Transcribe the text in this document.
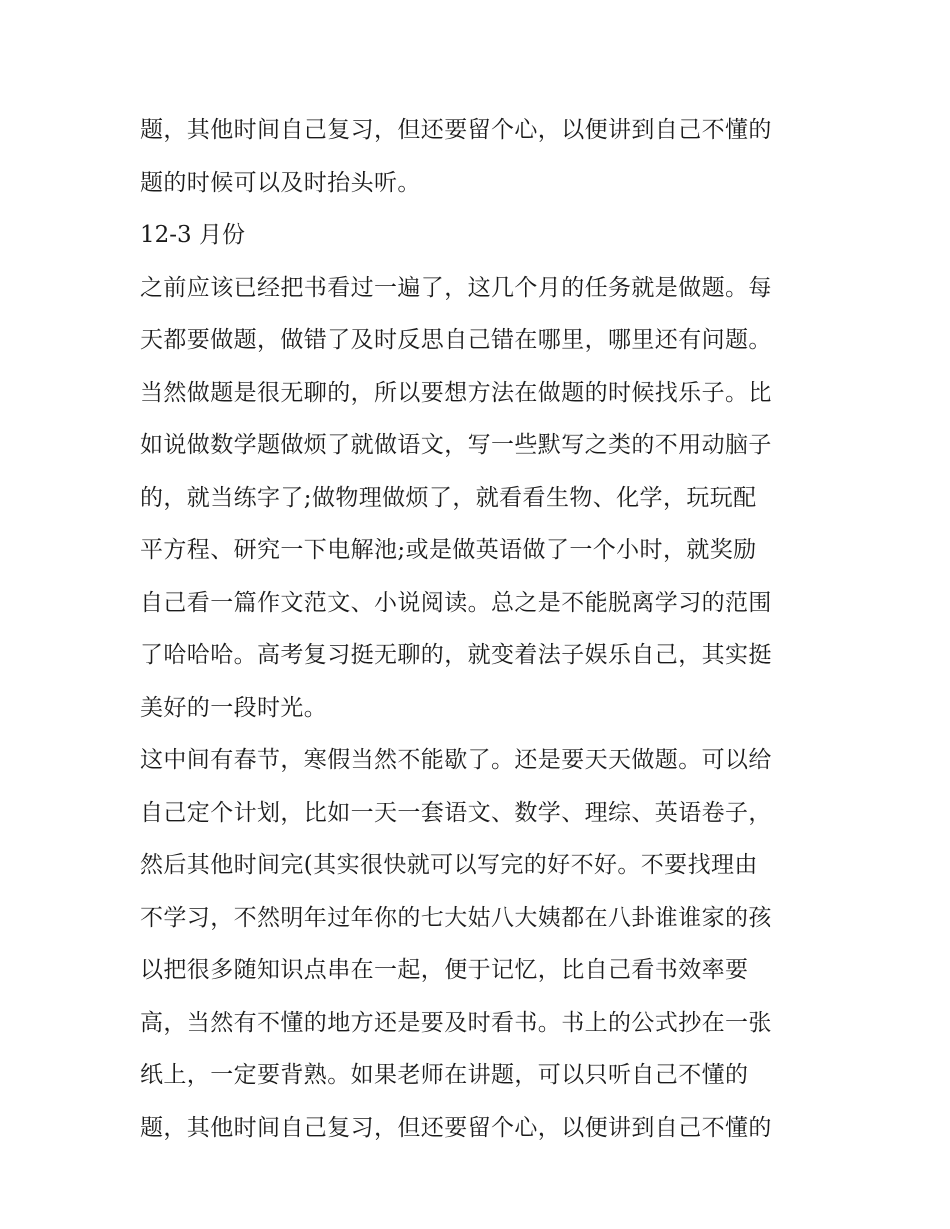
题，其他时间自己复习，但还要留个心，以便讲到自己不懂的
题的时候可以及时抬头听。
12-3 月份
之前应该已经把书看过一遍了，这几个月的任务就是做题。每
天都要做题，做错了及时反思自己错在哪里，哪里还有问题。
当然做题是很无聊的，所以要想方法在做题的时候找乐子。比
如说做数学题做烦了就做语文，写一些默写之类的不用动脑子
的，就当练字了;做物理做烦了，就看看生物、化学，玩玩配
平方程、研究一下电解池;或是做英语做了一个小时，就奖励
自己看一篇作文范文、小说阅读。总之是不能脱离学习的范围
了哈哈哈。高考复习挺无聊的，就变着法子娱乐自己，其实挺
美好的一段时光。
这中间有春节，寒假当然不能歇了。还是要天天做题。可以给
自己定个计划，比如一天一套语文、数学、理综、英语卷子，
然后其他时间完(其实很快就可以写完的好不好。不要找理由
不学习，不然明年过年你的七大姑八大姨都在八卦谁谁家的孩
以把很多随知识点串在一起，便于记忆，比自己看书效率要
高，当然有不懂的地方还是要及时看书。书上的公式抄在一张
纸上，一定要背熟。如果老师在讲题，可以只听自己不懂的
题，其他时间自己复习，但还要留个心，以便讲到自己不懂的
